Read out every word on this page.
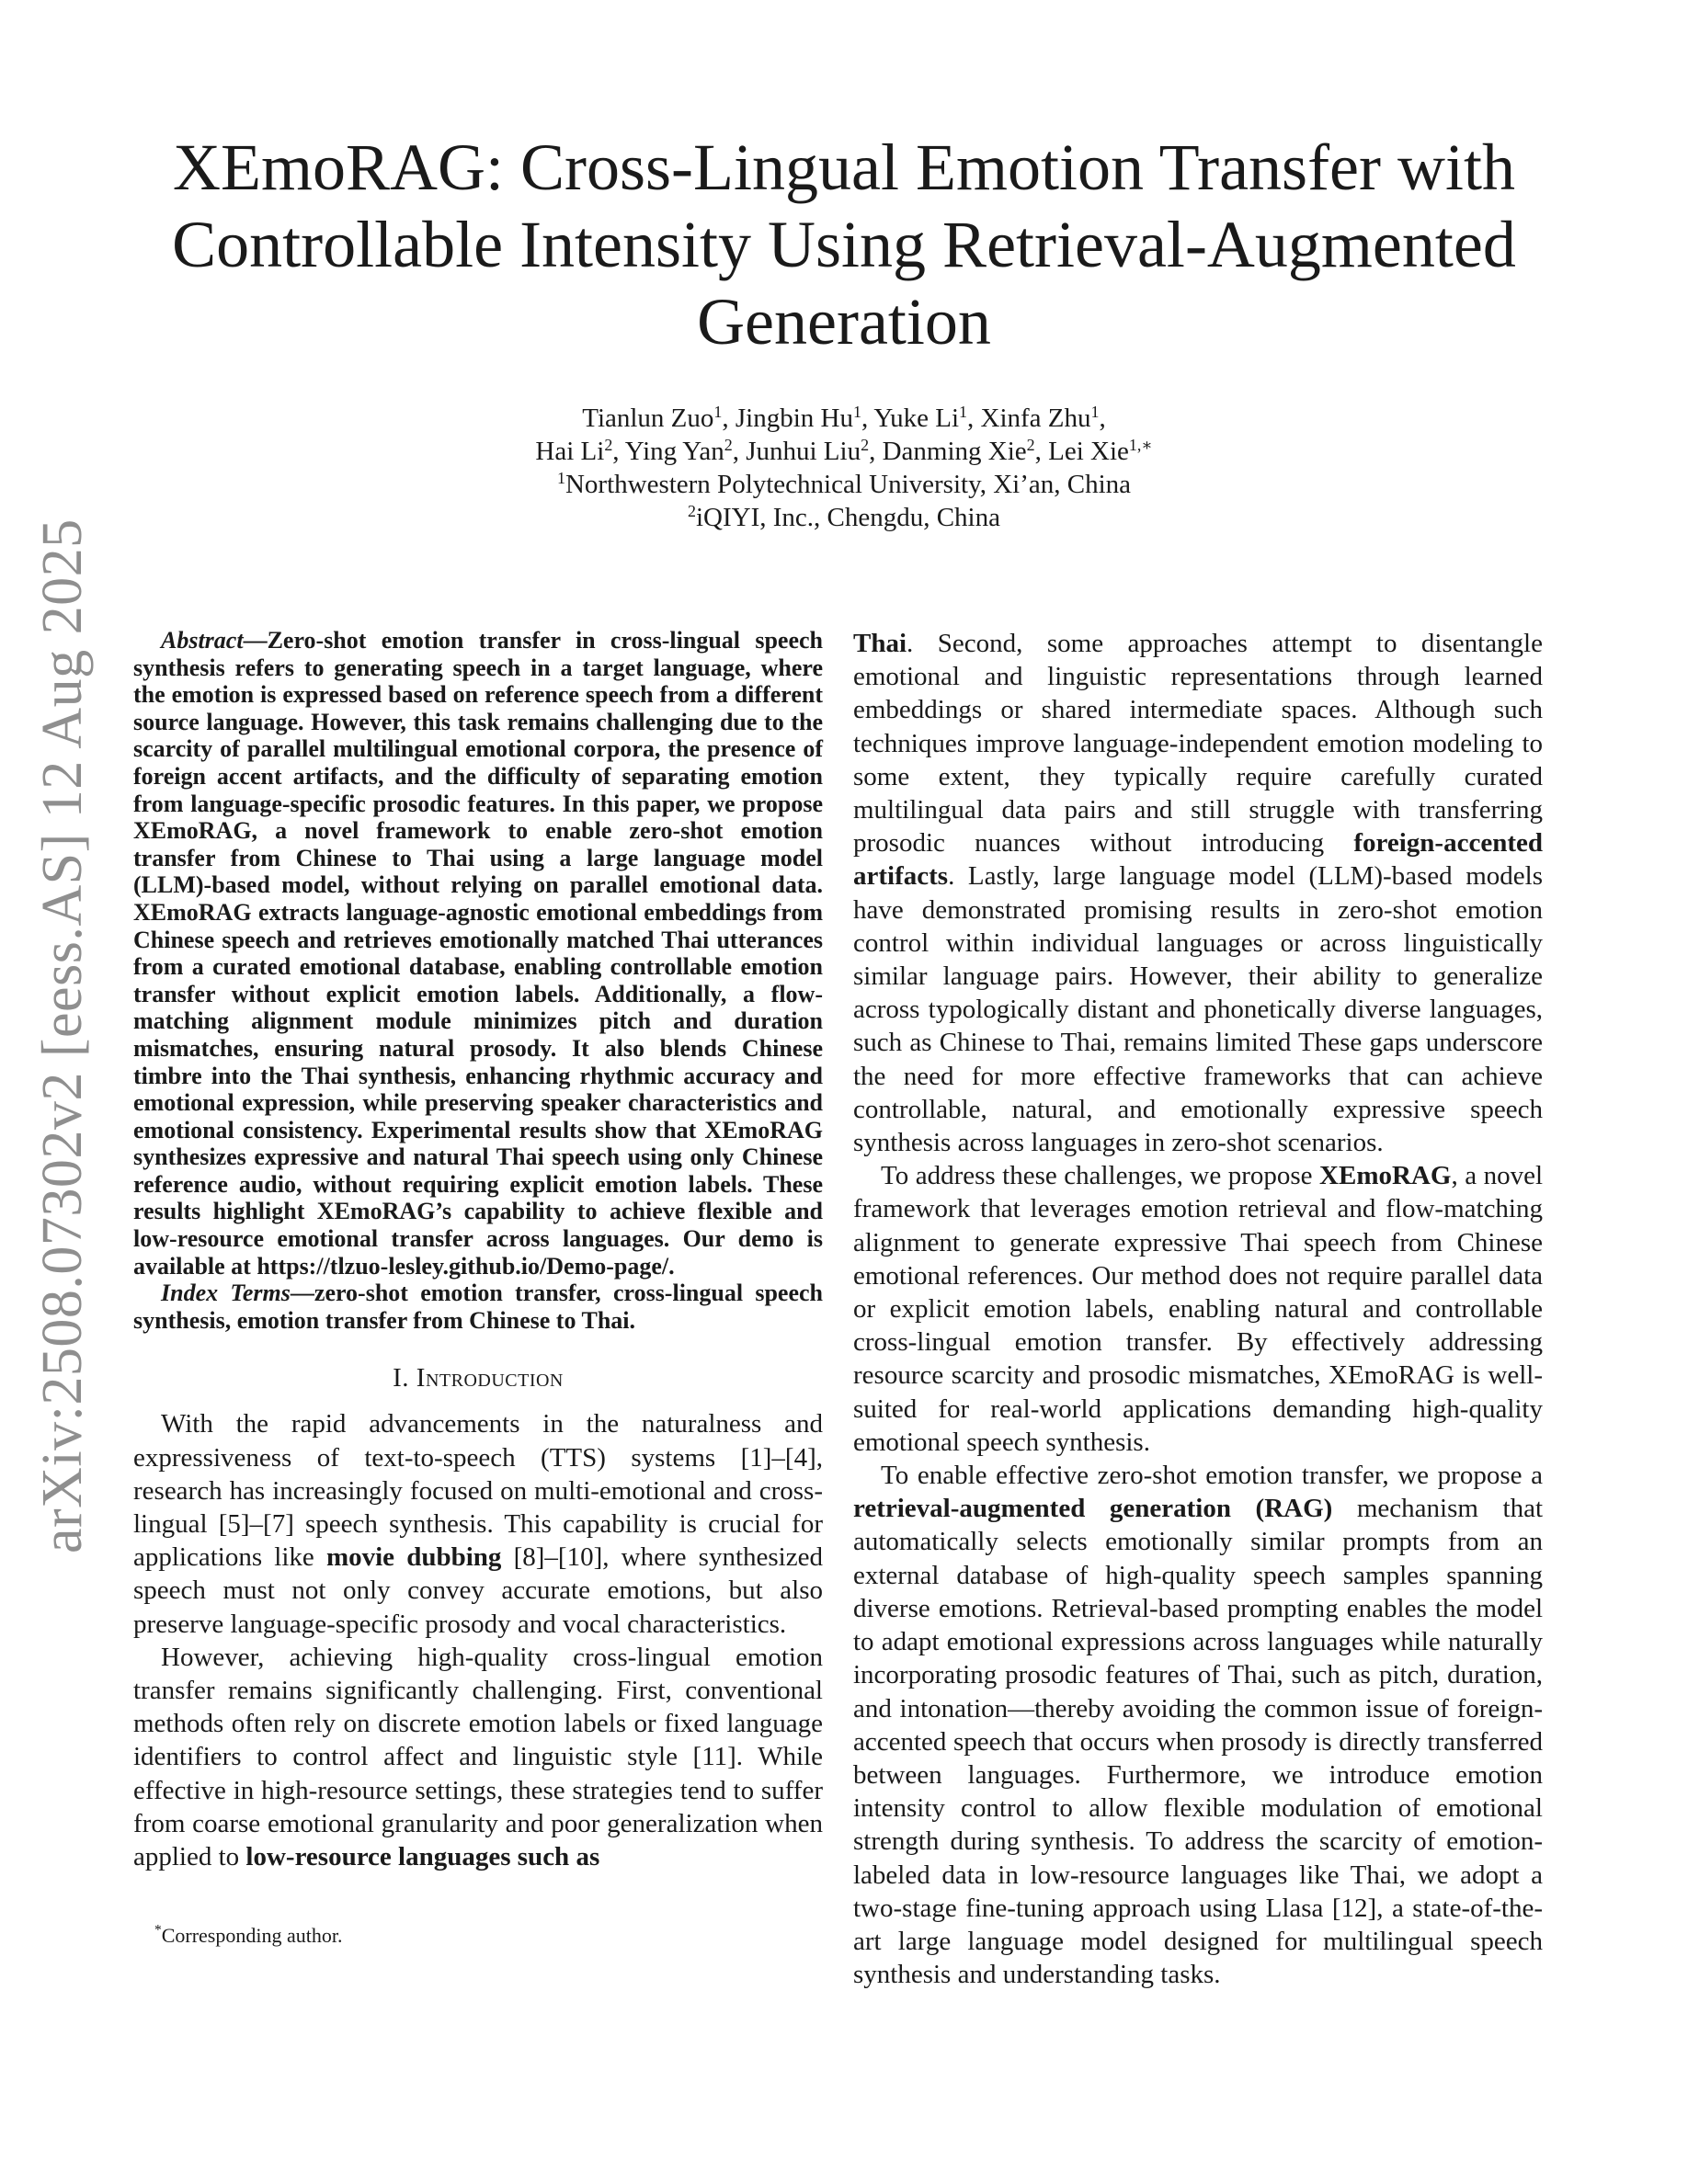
arXiv:2508.07302v2 [eess.AS] 12 Aug 2025
XEmoRAG: Cross-Lingual Emotion Transfer with
Controllable Intensity Using Retrieval-Augmented
Generation
Tianlun Zuo$^1$, Jingbin Hu$^1$, Yuke Li$^1$, Xinfa Zhu$^1$,
Hai Li$^2$, Ying Yan$^2$, Junhui Liu$^2$, Danming Xie$^2$, Lei Xie$^{1,∗}$
$^1$Northwestern Polytechnical University, Xi’an, China
$^2$iQIYI, Inc., Chengdu, China

Abstract—Zero-shot emotion transfer in cross-lingual speech synthesis refers to generating speech in a target language, where the emotion is expressed based on reference speech from a different source language. However, this task remains challenging due to the scarcity of parallel multilingual emotional corpora, the presence of foreign accent artifacts, and the difficulty of separating emotion from language-specific prosodic features. In this paper, we propose XEmoRAG, a novel framework to enable zero-shot emotion transfer from Chinese to Thai using a large language model (LLM)-based model, without relying on parallel emotional data. XEmoRAG extracts language-agnostic emotional embeddings from Chinese speech and retrieves emotionally matched Thai utterances from a curated emotional database, enabling controllable emotion transfer without explicit emotion labels. Additionally, a flow-matching alignment module minimizes pitch and duration mismatches, ensuring natural prosody. It also blends Chinese timbre into the Thai synthesis, enhancing rhythmic accuracy and emotional expression, while preserving speaker characteristics and emotional consistency. Experimental results show that XEmoRAG synthesizes expressive and natural Thai speech using only Chinese reference audio, without requiring explicit emotion labels. These results highlight XEmoRAG’s capability to achieve flexible and low-resource emotional transfer across languages. Our demo is available at https://tlzuo-lesley.github.io/Demo-page/.

Index Terms—zero-shot emotion transfer, cross-lingual speech synthesis, emotion transfer from Chinese to Thai.

I. Introduction

With the rapid advancements in the naturalness and expressiveness of text-to-speech (TTS) systems [1]–[4], research has increasingly focused on multi-emotional and cross-lingual [5]–[7] speech synthesis. This capability is crucial for applications like movie dubbing [8]–[10], where synthesized speech must not only convey accurate emotions, but also preserve language-specific prosody and vocal characteristics.

However, achieving high-quality cross-lingual emotion transfer remains significantly challenging. First, conventional methods often rely on discrete emotion labels or fixed language identifiers to control affect and linguistic style [11]. While effective in high-resource settings, these strategies tend to suffer from coarse emotional granularity and poor generalization when applied to low-resource languages such as

Thai. Second, some approaches attempt to disentangle emotional and linguistic representations through learned embeddings or shared intermediate spaces. Although such techniques improve language-independent emotion modeling to some extent, they typically require carefully curated multilingual data pairs and still struggle with transferring prosodic nuances without introducing foreign-accented artifacts. Lastly, large language model (LLM)-based models have demonstrated promising results in zero-shot emotion control within individual languages or across linguistically similar language pairs. However, their ability to generalize across typologically distant and phonetically diverse languages, such as Chinese to Thai, remains limited These gaps underscore the need for more effective frameworks that can achieve controllable, natural, and emotionally expressive speech synthesis across languages in zero-shot scenarios.

To address these challenges, we propose XEmoRAG, a novel framework that leverages emotion retrieval and flow-matching alignment to generate expressive Thai speech from Chinese emotional references. Our method does not require parallel data or explicit emotion labels, enabling natural and controllable cross-lingual emotion transfer. By effectively addressing resource scarcity and prosodic mismatches, XEmoRAG is well-suited for real-world applications demanding high-quality emotional speech synthesis.

To enable effective zero-shot emotion transfer, we propose a retrieval-augmented generation (RAG) mechanism that automatically selects emotionally similar prompts from an external database of high-quality speech samples spanning diverse emotions. Retrieval-based prompting enables the model to adapt emotional expressions across languages while naturally incorporating prosodic features of Thai, such as pitch, duration, and intonation—thereby avoiding the common issue of foreign-accented speech that occurs when prosody is directly transferred between languages. Furthermore, we introduce emotion intensity control to allow flexible modulation of emotional strength during synthesis. To address the scarcity of emotion-labeled data in low-resource languages like Thai, we adopt a two-stage fine-tuning approach using Llasa [12], a state-of-the-art large language model designed for multilingual speech synthesis and understanding tasks.

*Corresponding author.
